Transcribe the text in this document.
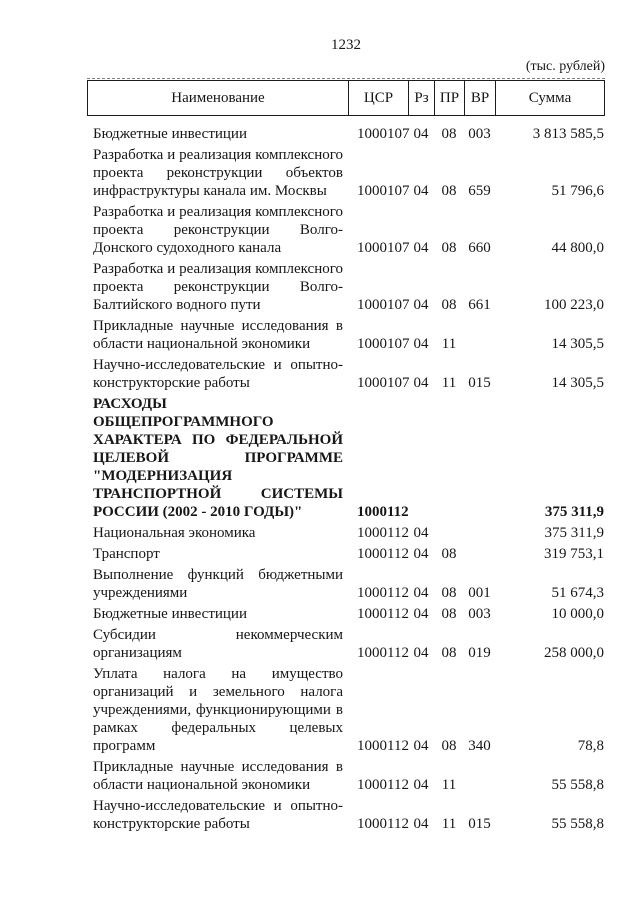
1232
(тыс. рублей)
Наименование	ЦСР	Рз ПР ВР	Сумма
Бюджетные инвестиции	1000107 04 08 003	3 813 585,5
Разработка и реализация комплексного проекта реконструкции объектов инфраструктуры канала им. Москвы	1000107 04 08 659	51 796,6
Разработка и реализация комплексного проекта реконструкции Волго-Донского судоходного канала	1000107 04 08 660	44 800,0
Разработка и реализация комплексного проекта реконструкции Волго-Балтийского водного пути	1000107 04 08 661	100 223,0
Прикладные научные исследования в области национальной экономики	1000107 04 11	14 305,5
Научно-исследовательские и опытно-конструкторские работы	1000107 04 11 015	14 305,5
РАСХОДЫ ОБЩЕПРОГРАММНОГО ХАРАКТЕРА ПО ФЕДЕРАЛЬНОЙ ЦЕЛЕВОЙ ПРОГРАММЕ "МОДЕРНИЗАЦИЯ ТРАНСПОРТНОЙ СИСТЕМЫ РОССИИ (2002 - 2010 ГОДЫ)"	1000112	375 311,9
Национальная экономика	1000112 04	375 311,9
Транспорт	1000112 04 08	319 753,1
Выполнение функций бюджетными учреждениями	1000112 04 08 001	51 674,3
Бюджетные инвестиции	1000112 04 08 003	10 000,0
Субсидии некоммерческим организациям	1000112 04 08 019	258 000,0
Уплата налога на имущество организаций и земельного налога учреждениями, функционирующими в рамках федеральных целевых программ	1000112 04 08 340	78,8
Прикладные научные исследования в области национальной экономики	1000112 04 11	55 558,8
Научно-исследовательские и опытно-конструкторские работы	1000112 04 11 015	55 558,8
